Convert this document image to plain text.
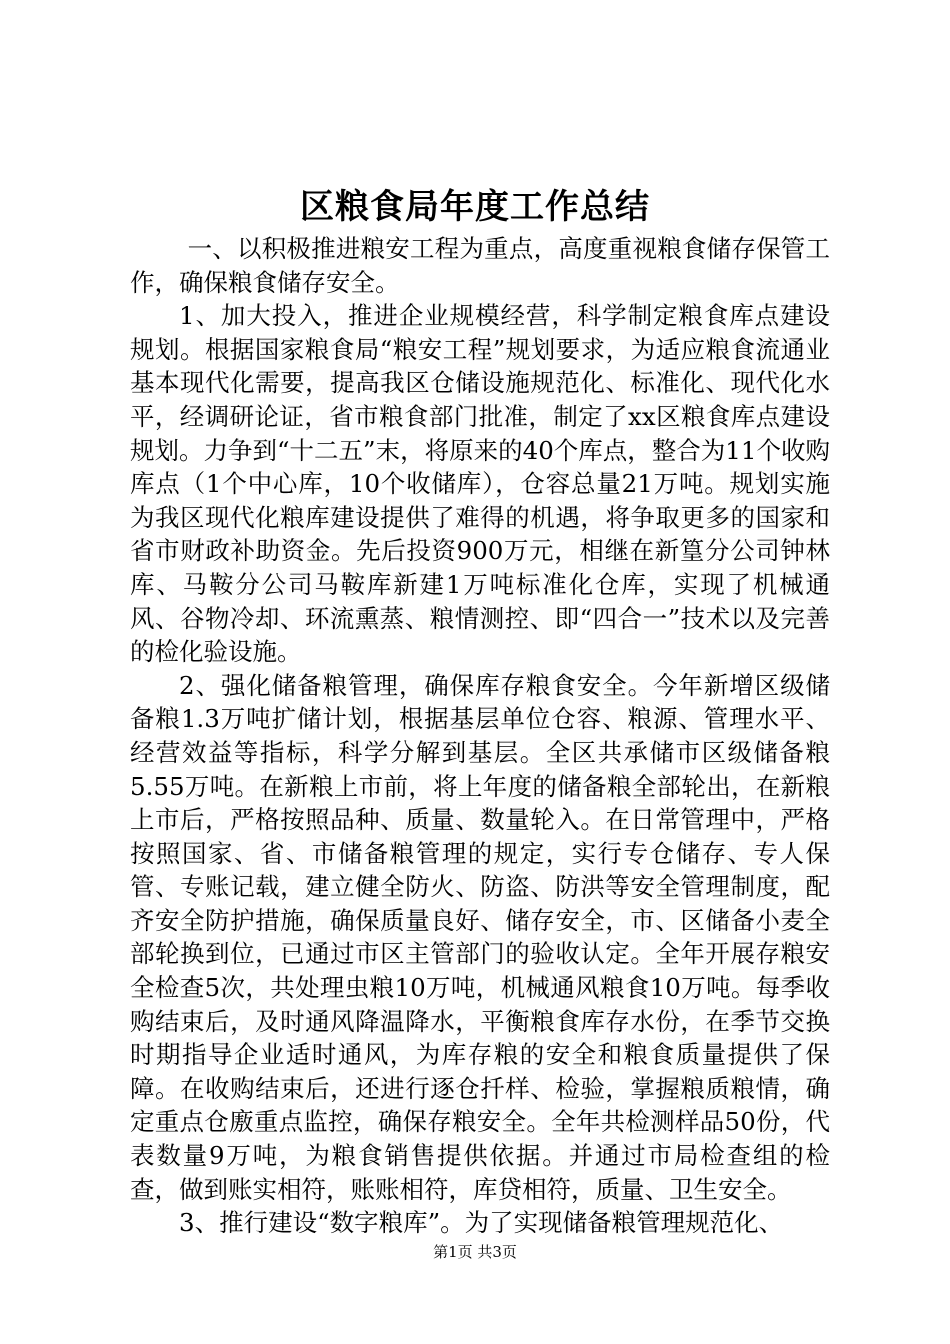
区粮食局年度工作总结

一、以积极推进粮安工程为重点，高度重视粮食储存保管工作，确保粮食储存安全。

1、加大投入，推进企业规模经营，科学制定粮食库点建设规划。根据国家粮食局“粮安工程”规划要求，为适应粮食流通业基本现代化需要，提高我区仓储设施规范化、标准化、现代化水平，经调研论证，省市粮食部门批准，制定了xx区粮食库点建设规划。力争到“十二五”末，将原来的40个库点，整合为11个收购库点（1个中心库，10个收储库），仓容总量21万吨。规划实施为我区现代化粮库建设提供了难得的机遇，将争取更多的国家和省市财政补助资金。先后投资900万元，相继在新篁分公司钟林库、马鞍分公司马鞍库新建1万吨标准化仓库，实现了机械通风、谷物冷却、环流熏蒸、粮情测控、即“四合一”技术以及完善的检化验设施。

2、强化储备粮管理，确保库存粮食安全。今年新增区级储备粮1.3万吨扩储计划，根据基层单位仓容、粮源、管理水平、经营效益等指标，科学分解到基层。全区共承储市区级储备粮5.55万吨。在新粮上市前，将上年度的储备粮全部轮出，在新粮上市后，严格按照品种、质量、数量轮入。在日常管理中，严格按照国家、省、市储备粮管理的规定，实行专仓储存、专人保管、专账记载，建立健全防火、防盗、防洪等安全管理制度，配齐安全防护措施，确保质量良好、储存安全，市、区储备小麦全部轮换到位，已通过市区主管部门的验收认定。全年开展存粮安全检查5次，共处理虫粮10万吨，机械通风粮食10万吨。每季收购结束后，及时通风降温降水，平衡粮食库存水份，在季节交换时期指导企业适时通风，为库存粮的安全和粮食质量提供了保障。在收购结束后，还进行逐仓扦样、检验，掌握粮质粮情，确定重点仓廒重点监控，确保存粮安全。全年共检测样品50份，代表数量9万吨，为粮食销售提供依据。并通过市局检查组的检查，做到账实相符，账账相符，库贷相符，质量、卫生安全。

3、推行建设“数字粮库”。为了实现储备粮管理规范化、

第1页 共3页
